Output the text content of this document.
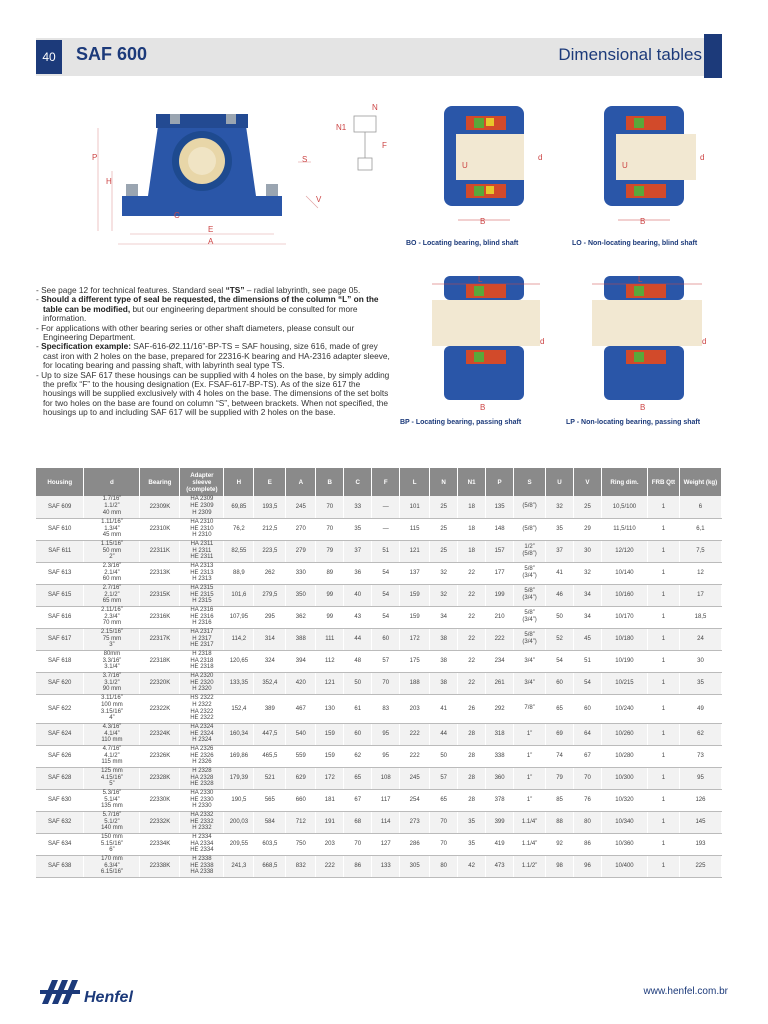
40	SAF 600	Dimensional tables
P
H
S
V
C
E
A
N
N1
F
B
U
d
B
U
d
L
B
d
L
B
d
BO - Locating bearing, blind shaft	LO - Non-locating bearing, blind shaft
BP - Locating bearing, passing shaft	LP - Non-locating bearing, passing shaft

- See page 12 for technical features. Standard seal “TS” – radial labyrinth, see page 05.

- Should a different type of seal be requested, the dimensions of the column “L” on the table can be modified, but our engineering department should be consulted for more information.

- For applications with other bearing series or other shaft diameters, please consult our Engineering Department.

- Specification example: SAF-616-Ø2.11/16”-BP-TS = SAF housing, size 616, made of grey cast iron with 2 holes on the base, prepared for 22316-K bearing and HA-2316 adapter sleeve, for locating bearing and passing shaft, with labyrinth seal type TS.

- Up to size SAF 617 these housings can be supplied with 4 holes on the base, by simply adding the prefix “F” to the housing designation (Ex. FSAF-617-BP-TS). As of the size 617 the housings will be supplied exclusively with 4 holes on the base. The dimensions of the set bolts for two holes on the base are found on column “S”, between brackets. When not specified, the housings up to and including SAF 617 will be supplied with 2 holes on the base.

Housing	d	Bearing	Adapter sleeve (complete)	H	E	A	B	C	F	L	N	N1	P	S	U	V	Ring dim.	FRB Qtt	Weight (kg)
SAF 609	1.7/16”
1.1/2”
40 mm	22309K	HA 2309
HE 2309
H 2309	69,85	193,5	245	70	33	—	101	25	18	135	(5/8”)	32	25	10,5/100	1	6
SAF 610	1.11/16”
1.3/4”
45 mm	22310K	HA 2310
HE 2310
H 2310	76,2	212,5	270	70	35	—	115	25	18	148	(5/8”)	35	29	11,5/110	1	6,1
SAF 611	1.15/16”
50 mm
2”	22311K	HA 2311
H 2311
HE 2311	82,55	223,5	279	79	37	51	121	25	18	157	1/2”
(5/8”)	37	30	12/120	1	7,5
SAF 613	2.3/16”
2.1/4”
60 mm	22313K	HA 2313
HE 2313
H 2313	88,9	262	330	89	36	54	137	32	22	177	5/8”
(3/4”)	41	32	10/140	1	12
SAF 615	2.7/16”
2.1/2”
65 mm	22315K	HA 2315
HE 2315
H 2315	101,6	279,5	350	99	40	54	159	32	22	199	5/8”
(3/4”)	46	34	10/160	1	17
SAF 616	2.11/16”
2.3/4”
70 mm	22316K	HA 2316
HE 2316
H 2316	107,95	295	362	99	43	54	159	34	22	210	5/8”
(3/4”)	50	34	10/170	1	18,5
SAF 617	2.15/16”
75 mm
3”	22317K	HA 2317
H 2317
HE 2317	114,2	314	388	111	44	60	172	38	22	222	5/8”
(3/4”)	52	45	10/180	1	24
SAF 618	80mm
3.3/16”
3.1/4”	22318K	H 2318
HA 2318
HE 2318	120,65	324	394	112	48	57	175	38	22	234	3/4”	54	51	10/190	1	30
SAF 620	3.7/16”
3.1/2”
90 mm	22320K	HA 2320
HE 2320
H 2320	133,35	352,4	420	121	50	70	188	38	22	261	3/4”	60	54	10/215	1	35
SAF 622	3.11/16”
100 mm
3.15/16”
4”	22322K	HS 2322
H 2322
HA 2322
HE 2322	152,4	389	467	130	61	83	203	41	26	292	7/8”	65	60	10/240	1	49
SAF 624	4.3/16”
4.1/4”
110 mm	22324K	HA 2324
HE 2324
H 2324	160,34	447,5	540	159	60	95	222	44	28	318	1”	69	64	10/260	1	62
SAF 626	4.7/16”
4.1/2”
115 mm	22326K	HA 2326
HE 2326
H 2326	169,86	465,5	559	159	62	95	222	50	28	338	1”	74	67	10/280	1	73
SAF 628	125 mm
4.15/16”
5”	22328K	H 2328
HA 2328
HE 2328	179,39	521	629	172	65	108	245	57	28	360	1”	79	70	10/300	1	95
SAF 630	5.3/16”
5.1/4”
135 mm	22330K	HA 2330
HE 2330
H 2330	190,5	565	660	181	67	117	254	65	28	378	1”	85	76	10/320	1	126
SAF 632	5.7/16”
5.1/2”
140 mm	22332K	HA 2332
HE 2332
H 2332	200,03	584	712	191	68	114	273	70	35	399	1.1/4”	88	80	10/340	1	145
SAF 634	150 mm
5.15/16”
6”	22334K	H 2334
HA 2334
HE 2334	209,55	603,5	750	203	70	127	286	70	35	419	1.1/4”	92	86	10/360	1	193
SAF 638	170 mm
6.3/4”
6.15/16”	22338K	H 2338
HE 2338
HA 2338	241,3	668,5	832	222	86	133	305	80	42	473	1.1/2”	98	96	10/400	1	225
Henfel	www.henfel.com.br
